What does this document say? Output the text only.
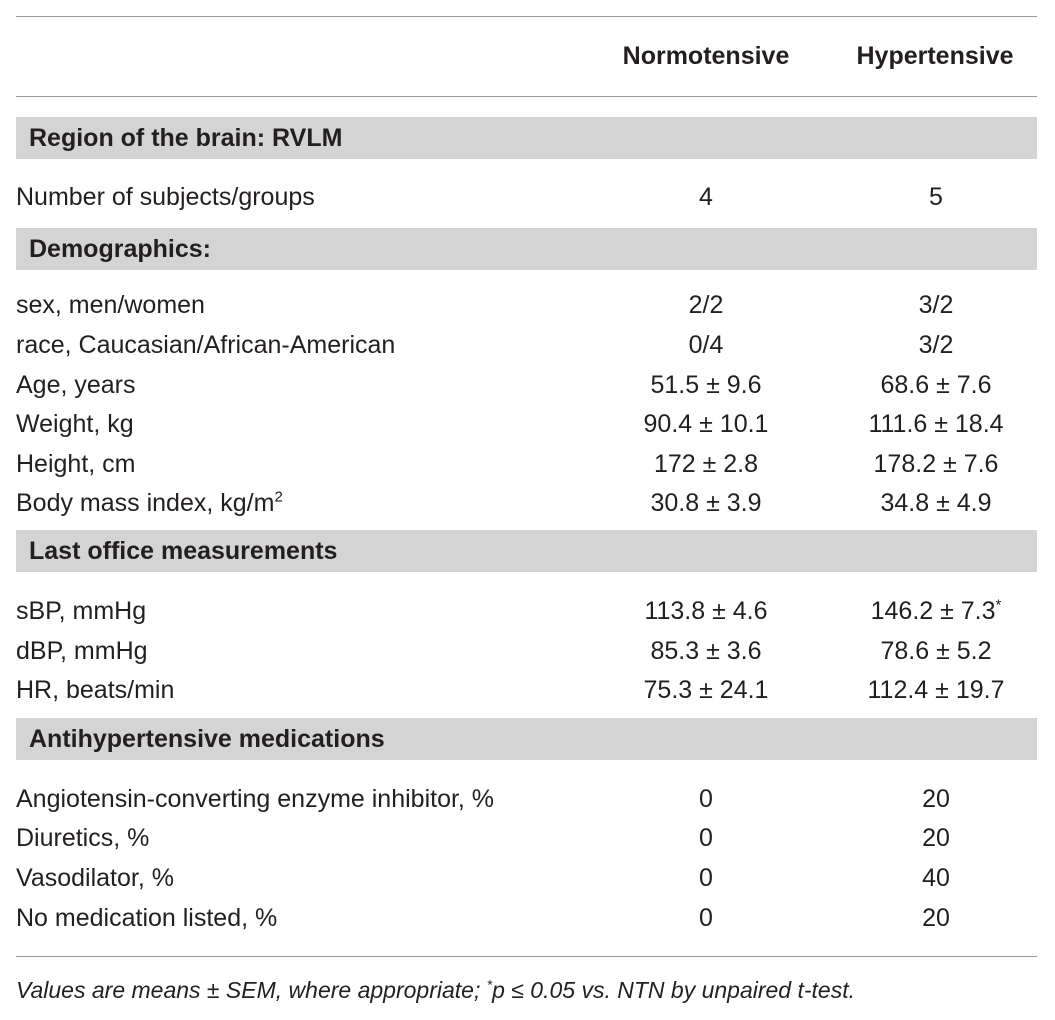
Normotensive	Hypertensive
Region of the brain: RVLM
Number of subjects/groups	4	5
Demographics:
sex, men/women	2/2	3/2
race, Caucasian/African-American	0/4	3/2
Age, years	51.5 ± 9.6	68.6 ± 7.6
Weight, kg	90.4 ± 10.1	111.6 ± 18.4
Height, cm	172 ± 2.8	178.2 ± 7.6
Body mass index, $kg/m^2$	30.8 ± 3.9	34.8 ± 4.9
Last office measurements
sBP, mmHg	113.8 ± 4.6	146.2 ± 7.3*
dBP, mmHg	85.3 ± 3.6	78.6 ± 5.2
HR, beats/min	75.3 ± 24.1	112.4 ± 19.7
Antihypertensive medications
Angiotensin-converting enzyme inhibitor, %	0	20
Diuretics, %	0	20
Vasodilator, %	0	40
No medication listed, %	0	20
Values are means ± SEM, where appropriate; *p ≤ 0.05 vs. NTN by unpaired t-test.
